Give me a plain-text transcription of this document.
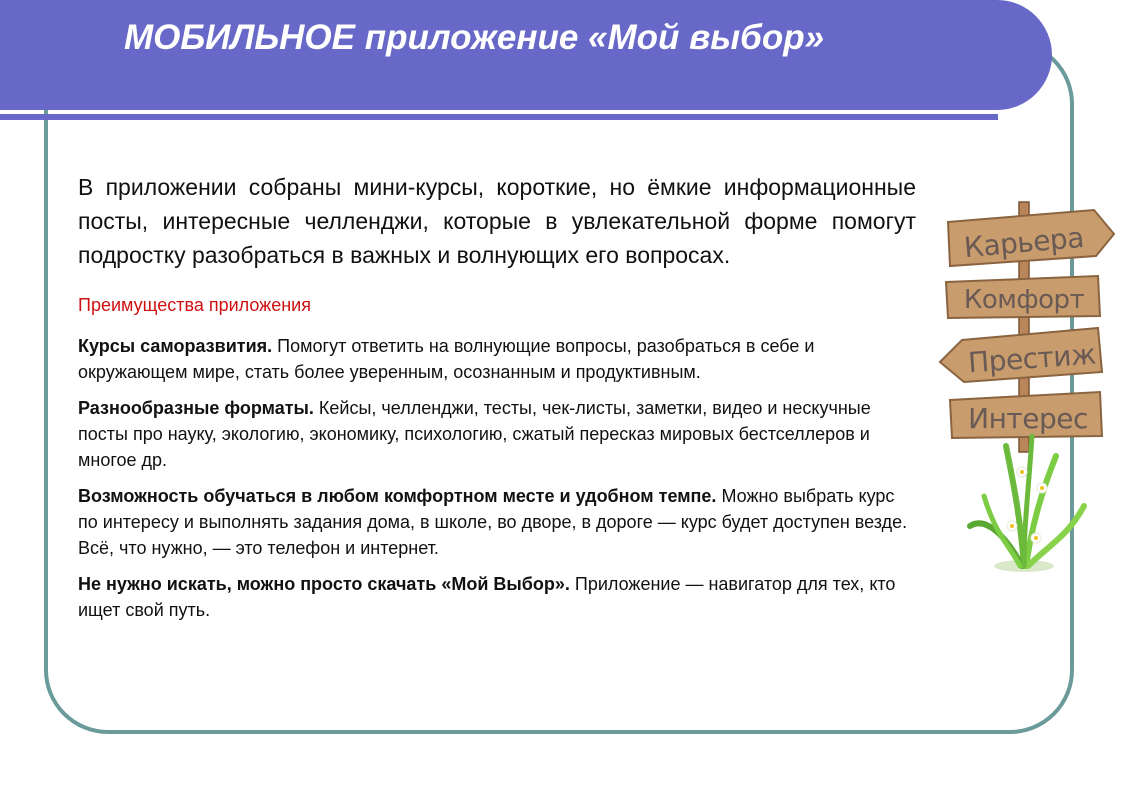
МОБИЛЬНОЕ приложение «Мой выбор»

В приложении собраны мини-курсы, короткие, но ёмкие информационные посты, интересные челленджи, которые в увлекательной форме помогут подростку разобраться в важных и волнующих его вопросах.

Преимущества приложения

Курсы саморазвития. Помогут ответить на волнующие вопросы, разобраться в себе и окружающем мире, стать более уверенным, осознанным и продуктивным.

Разнообразные форматы. Кейсы, челленджи, тесты, чек-листы, заметки, видео и нескучные посты про науку, экологию, экономику, психологию, сжатый пересказ мировых бестселлеров и многое др.

Возможность обучаться в любом комфортном месте и удобном темпе. Можно выбрать курс по интересу и выполнять задания дома, в школе, во дворе, в дороге — курс будет доступен везде. Всё, что нужно, — это телефон и интернет.

Не нужно искать, можно просто скачать «Мой Выбор». Приложение — навигатор для тех, кто ищет свой путь.

Карьера
Комфорт
Престиж
Интерес
